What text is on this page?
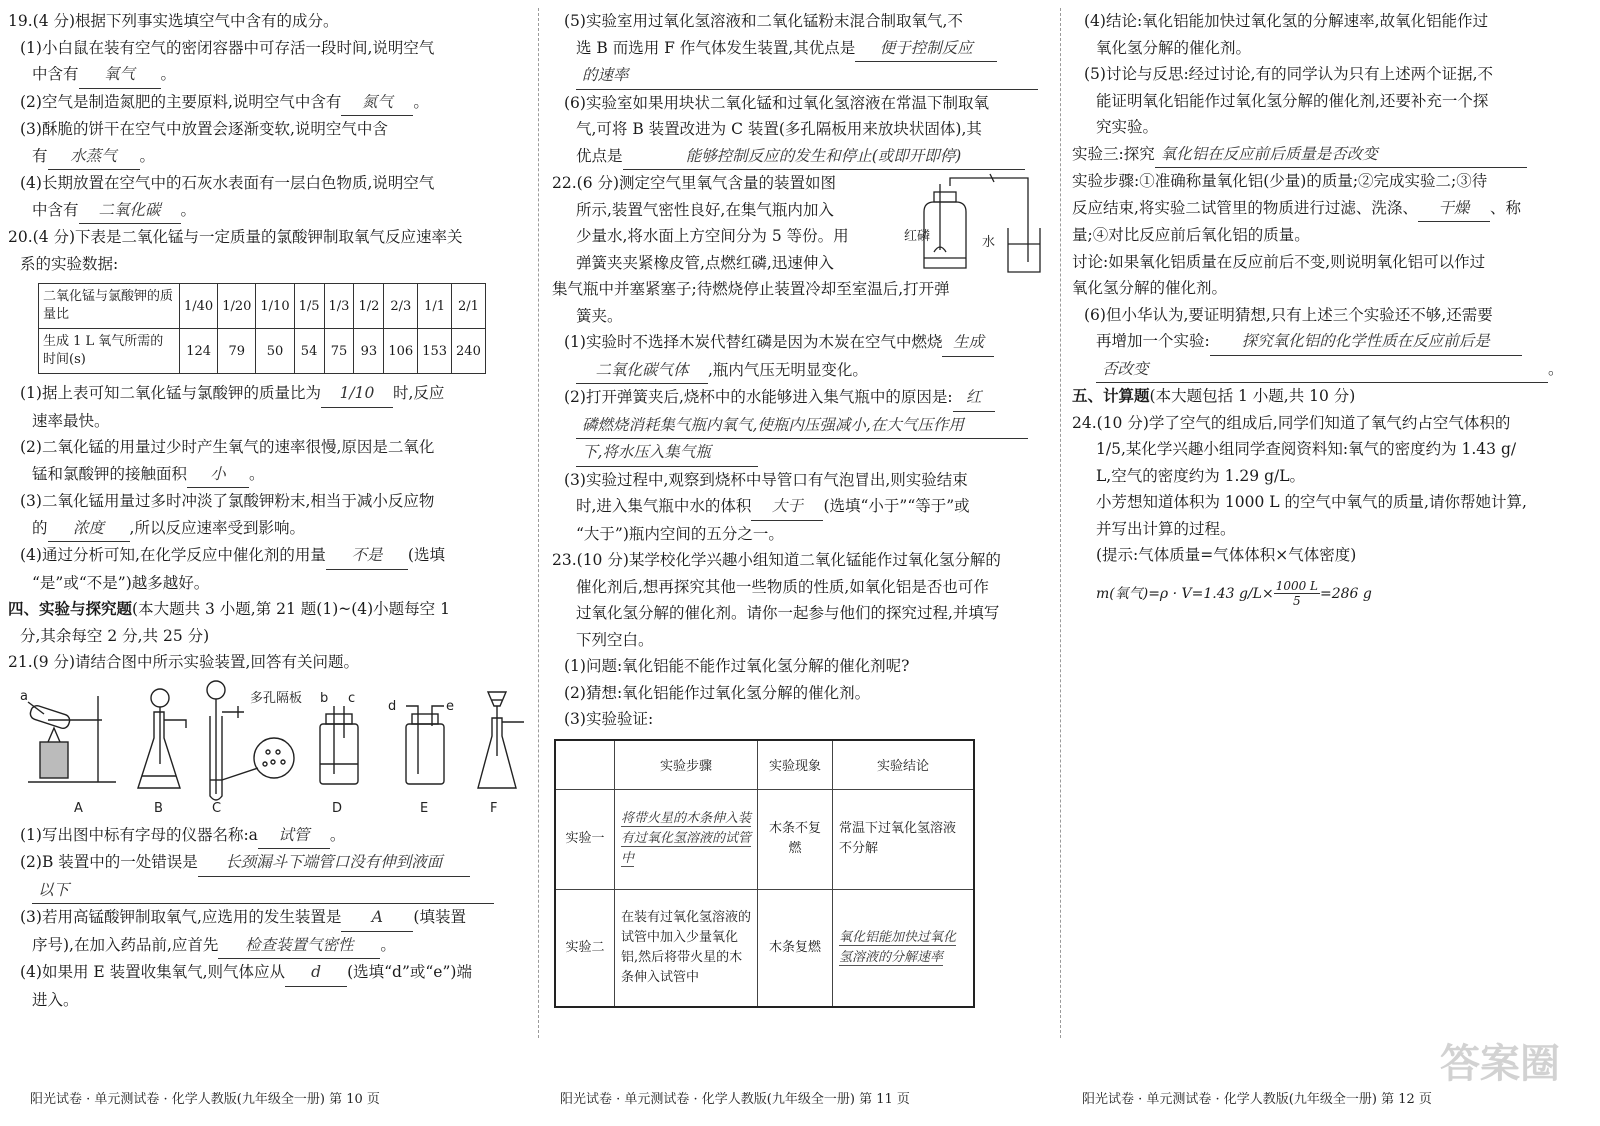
19.(4 分)根据下列事实选填空气中含有的成分。

(1)小白鼠在装有空气的密闭容器中可存活一段时间,说明空气

中含有 氧气 。

(2)空气是制造氮肥的主要原料,说明空气中含有 氮气 。

(3)酥脆的饼干在空气中放置会逐渐变软,说明空气中含

有 水蒸气 。

(4)长期放置在空气中的石灰水表面有一层白色物质,说明空气

中含有 二氧化碳 。

20.(4 分)下表是二氧化锰与一定质量的氯酸钾制取氧气反应速率关

系的实验数据:

二氧化锰与氯酸钾的质量比	1/40	1/20	1/10	1/5	1/3	1/2	2/3	1/1	2/1
生成 1 L 氧气所需的时间(s)	124	79	50	54	75	93	106	153	240

(1)据上表可知二氧化锰与氯酸钾的质量比为 1/10 时,反应

速率最快。

(2)二氧化锰的用量过少时产生氧气的速率很慢,原因是二氧化

锰和氯酸钾的接触面积 小 。

(3)二氧化锰用量过多时冲淡了氯酸钾粉末,相当于减小反应物

的 浓度 ,所以反应速率受到影响。

(4)通过分析可知,在化学反应中催化剂的用量 不是 (选填

“是”或“不是”)越多越好。

四、实验与探究题(本大题共 3 小题,第 21 题(1)~(4)小题每空 1

分,其余每空 2 分,共 25 分)

21.(9 分)请结合图中所示实验装置,回答有关问题。

A	B	C	D	E	F
a	b c
d	e
多孔隔板

(1)写出图中标有字母的仪器名称:a 试管 。

(2)B 装置中的一处错误是 长颈漏斗下端管口没有伸到液面

以下

(3)若用高锰酸钾制取氧气,应选用的发生装置是 A (填装置

序号),在加入药品前,应首先 检查装置气密性 。

(4)如果用 E 装置收集氧气,则气体应从 d (选填“d”或“e”)端

进入。

(5)实验室用过氧化氢溶液和二氧化锰粉末混合制取氧气,不

选 B 而选用 F 作气体发生装置,其优点是 便于控制反应

的速率

(6)实验室如果用块状二氧化锰和过氧化氢溶液在常温下制取氧

气,可将 B 装置改进为 C 装置(多孔隔板用来放块状固体),其

优点是	能够控制反应的发生和停止(或即开即停)

22.(6 分)测定空气里氧气含量的装置如图

所示,装置气密性良好,在集气瓶内加入

少量水,将水面上方空间分为 5 等份。用

弹簧夹夹紧橡皮管,点燃红磷,迅速伸入

红磷	水

集气瓶中并塞紧塞子;待燃烧停止装置冷却至室温后,打开弹

簧夹。

(1)实验时不选择木炭代替红磷是因为木炭在空气中燃烧 生成

二氧化碳气体 ,瓶内气压无明显变化。

(2)打开弹簧夹后,烧杯中的水能够进入集气瓶中的原因是: 红

磷燃烧消耗集气瓶内氧气,使瓶内压强减小,在大气压作用

下,将水压入集气瓶

(3)实验过程中,观察到烧杯中导管口有气泡冒出,则实验结束

时,进入集气瓶中水的体积 大于 (选填“小于”“等于”或

“大于”)瓶内空间的五分之一。

23.(10 分)某学校化学兴趣小组知道二氧化锰能作过氧化氢分解的

催化剂后,想再探究其他一些物质的性质,如氧化铝是否也可作

过氧化氢分解的催化剂。请你一起参与他们的探究过程,并填写

下列空白。

(1)问题:氧化铝能不能作过氧化氢分解的催化剂呢?

(2)猜想:氧化铝能作过氧化氢分解的催化剂。

(3)实验验证:

	实验步骤	实验现象	实验结论
实验一	将带火星的木条伸入装有过氧化氢溶液的试管中	木条不复燃	常温下过氧化氢溶液不分解
实验二	在装有过氧化氢溶液的试管中加入少量氧化铝,然后将带火星的木条伸入试管中	木条复燃	氧化铝能加快过氧化氢溶液的分解速率

(4)结论:氧化铝能加快过氧化氢的分解速率,故氧化铝能作过

氧化氢分解的催化剂。

(5)讨论与反思:经过讨论,有的同学认为只有上述两个证据,不

能证明氧化铝能作过氧化氢分解的催化剂,还要补充一个探

究实验。

实验三:探究 氧化铝在反应前后质量是否改变

实验步骤:①准确称量氧化铝(少量)的质量;②完成实验二;③待

反应结束,将实验二试管里的物质进行过滤、洗涤、 干燥 、称

量;④对比反应前后氧化铝的质量。

讨论:如果氧化铝质量在反应前后不变,则说明氧化铝可以作过

氧化氢分解的催化剂。

(6)但小华认为,要证明猜想,只有上述三个实验还不够,还需要

再增加一个实验: 探究氧化铝的化学性质在反应前后是

否改变	。

五、计算题(本大题包括 1 小题,共 10 分)

24.(10 分)学了空气的组成后,同学们知道了氧气约占空气体积的

1/5,某化学兴趣小组同学查阅资料知:氧气的密度约为 1.43 g/

L,空气的密度约为 1.29 g/L。

小芳想知道体积为 1000 L 的空气中氧气的质量,请你帮她计算,

并写出计算的过程。

(提示:气体质量=气体体积×气体密度)

m(氧气)=ρ · V=1.43 $g/L\times \frac{1000 L}{5} =286$ g

阳光试卷 · 单元测试卷 · 化学人教版(九年级全一册) 第 10 页	阳光试卷 · 单元测试卷 · 化学人教版(九年级全一册) 第 11 页	阳光试卷 · 单元测试卷 · 化学人教版(九年级全一册) 第 12 页
答案圈
